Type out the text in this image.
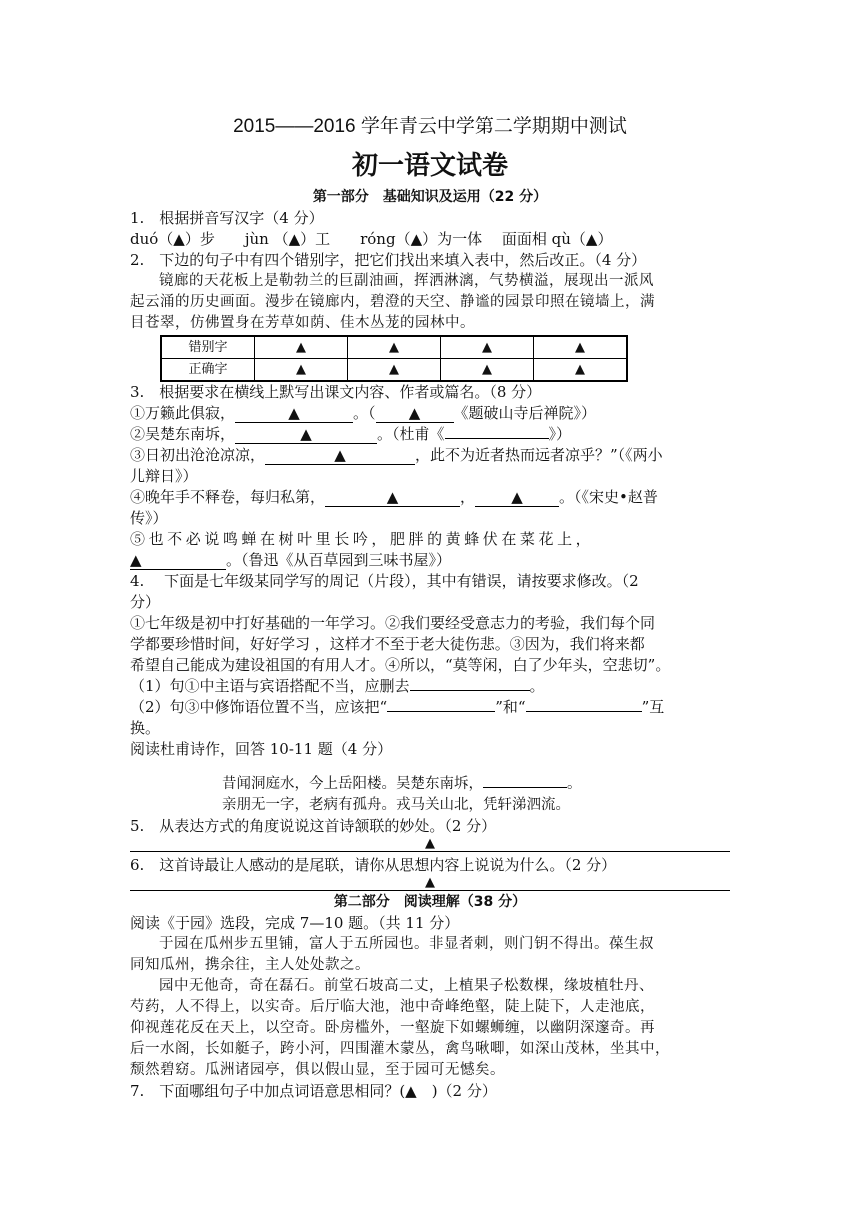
2015——2016 学年青云中学第二学期期中测试
初一语文试卷
第一部分　基础知识及运用（22 分）
1.　根据拼音写汉字（4 分）
duó（▲）步　　jùn （▲）工　　róng（▲）为一体　 面面相 qù（▲）
2.　下边的句子中有四个错别字，把它们找出来填入表中，然后改正。（4 分）
镜廊的天花板上是勒勃兰的巨副油画，挥洒淋漓，气势横溢，展现出一派风
起云涌的历史画面。漫步在镜廊内，碧澄的天空、静谧的园景印照在镜墙上，满
目苍翠，仿佛置身在芳草如荫、佳木丛茏的园林中。
错别字	▲	▲	▲	▲
正确字	▲	▲	▲	▲
3.　根据要求在横线上默写出课文内容、作者或篇名。（8 分）
①万籁此俱寂，	▲	。（ ▲ 《题破山寺后禅院》）
②吴楚东南坼，	▲	。（杜甫《	》）
③日初出沧沧凉凉，	▲	，此不为近者热而远者凉乎？”（《两小
儿辩日》）
④晚年手不释卷，每归私第，	▲	， ▲ 。（《宋史•赵普
传》）
⑤ 也 不 必 说 鸣 蝉 在 树 叶 里 长 吟 ， 肥 胖 的 黄 蜂 伏 在 菜 花 上 ，
▲	。（鲁迅《从百草园到三味书屋》）
4.　 下面是七年级某同学写的周记（片段），其中有错误，请按要求修改。（2
分）
①七年级是初中打好基础的一年学习。②我们要经受意志力的考验，我们每个同
学都要珍惜时间，好好学习 ，这样才不至于老大徒伤悲。③因为，我们将来都
希望自己能成为建设祖国的有用人才。④所以，“莫等闲，白了少年头，空悲切”。
（1）句①中主语与宾语搭配不当，应删去	。
（2）句③中修饰语位置不当，应该把“	”和“	”互
换。
阅读杜甫诗作，回答 10-11 题（4 分）
昔闻洞庭水，今上岳阳楼。吴楚东南坼，	。
亲朋无一字，老病有孤舟。戎马关山北，凭轩涕泗流。
5.　从表达方式的角度说说这首诗颔联的妙处。（2 分）
▲
6.　这首诗最让人感动的是尾联，请你从思想内容上说说为什么。（2 分）
▲
第二部分　阅读理解（38 分）
阅读《于园》选段，完成 7—10 题。（共 11 分）
于园在瓜州步五里铺，富人于五所园也。非显者刺，则门钥不得出。葆生叔
同知瓜州，携余往，主人处处款之。
园中无他奇，奇在磊石。前堂石坡高二丈，上植果子松数棵，缘坡植牡丹、
芍药，人不得上，以实奇。后厅临大池，池中奇峰绝壑，陡上陡下，人走池底，
仰视莲花反在天上，以空奇。卧房槛外，一壑旋下如螺蛳缠，以幽阴深邃奇。再
后一水阁，长如艇子，跨小河，四围灌木蒙丛，禽鸟啾唧，如深山茂林，坐其中，
颓然碧窈。瓜洲诸园亭，俱以假山显，至于园可无憾矣。
7.　下面哪组句子中加点词语意思相同？(▲　)（2 分）
